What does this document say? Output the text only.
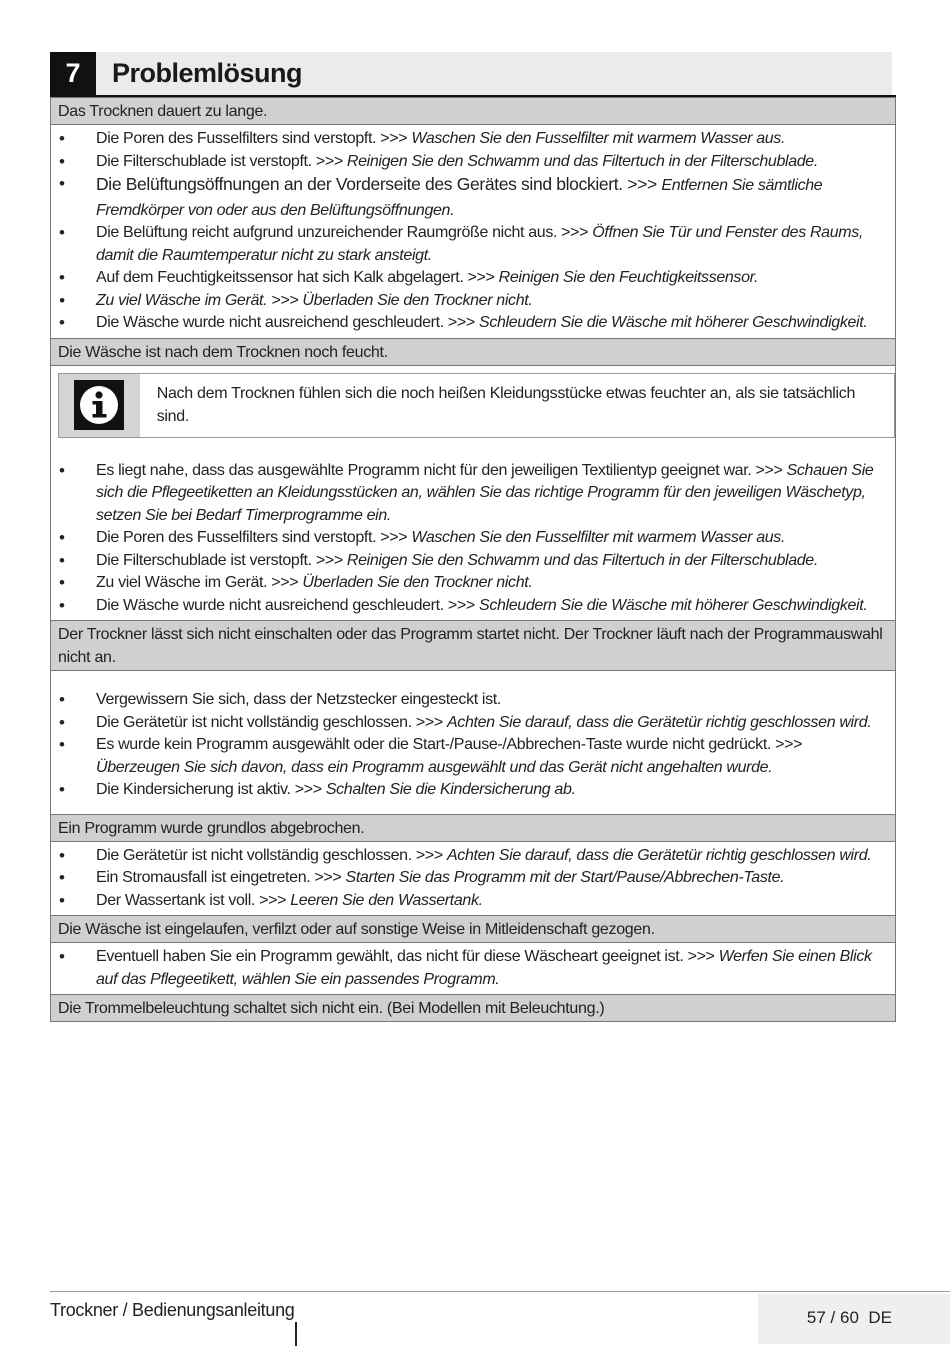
7	Problemlösung
Das Trocknen dauert zu lange.
• Die Poren des Fusselfilters sind verstopft. >>> Waschen Sie den Fusselfilter mit warmem Wasser aus.
• Die Filterschublade ist verstopft. >>> Reinigen Sie den Schwamm und das Filtertuch in der Filterschublade.
• Die Belüftungsöffnungen an der Vorderseite des Gerätes sind blockiert. >>> Entfernen Sie sämtliche Fremdkörper von oder aus den Belüftungsöffnungen.
• Die Belüftung reicht aufgrund unzureichender Raumgröße nicht aus. >>> Öffnen Sie Tür und Fenster des Raums, damit die Raumtemperatur nicht zu stark ansteigt.
• Auf dem Feuchtigkeitssensor hat sich Kalk abgelagert. >>> Reinigen Sie den Feuchtigkeitssensor.
• Zu viel Wäsche im Gerät. >>> Überladen Sie den Trockner nicht.
• Die Wäsche wurde nicht ausreichend geschleudert. >>> Schleudern Sie die Wäsche mit höherer Geschwindigkeit.
Die Wäsche ist nach dem Trocknen noch feucht.
Nach dem Trocknen fühlen sich die noch heißen Kleidungsstücke etwas feuchter an, als sie tatsächlich sind.
• Es liegt nahe, dass das ausgewählte Programm nicht für den jeweiligen Textilientyp geeignet war. >>> Schauen Sie sich die Pflegeetiketten an Kleidungsstücken an, wählen Sie das richtige Programm für den jeweiligen Wäschetyp, setzen Sie bei Bedarf Timerprogramme ein.
• Die Poren des Fusselfilters sind verstopft. >>> Waschen Sie den Fusselfilter mit warmem Wasser aus.
• Die Filterschublade ist verstopft. >>> Reinigen Sie den Schwamm und das Filtertuch in der Filterschublade.
• Zu viel Wäsche im Gerät. >>> Überladen Sie den Trockner nicht.
• Die Wäsche wurde nicht ausreichend geschleudert. >>> Schleudern Sie die Wäsche mit höherer Geschwindigkeit.
Der Trockner lässt sich nicht einschalten oder das Programm startet nicht. Der Trockner läuft nach der Programmauswahl nicht an.
• Vergewissern Sie sich, dass der Netzstecker eingesteckt ist.
• Die Gerätetür ist nicht vollständig geschlossen. >>> Achten Sie darauf, dass die Gerätetür richtig geschlossen wird.
• Es wurde kein Programm ausgewählt oder die Start-/Pause-/Abbrechen-Taste wurde nicht gedrückt. >>> Überzeugen Sie sich davon, dass ein Programm ausgewählt und das Gerät nicht angehalten wurde.
• Die Kindersicherung ist aktiv. >>> Schalten Sie die Kindersicherung ab.
Ein Programm wurde grundlos abgebrochen.
• Die Gerätetür ist nicht vollständig geschlossen. >>> Achten Sie darauf, dass die Gerätetür richtig geschlossen wird.
• Ein Stromausfall ist eingetreten. >>> Starten Sie das Programm mit der Start/Pause/Abbrechen-Taste.
• Der Wassertank ist voll. >>> Leeren Sie den Wassertank.
Die Wäsche ist eingelaufen, verfilzt oder auf sonstige Weise in Mitleidenschaft gezogen.
• Eventuell haben Sie ein Programm gewählt, das nicht für diese Wäscheart geeignet ist. >>> Werfen Sie einen Blick auf das Pflegeetikett, wählen Sie ein passendes Programm.
Die Trommelbeleuchtung schaltet sich nicht ein. (Bei Modellen mit Beleuchtung.)
Trockner / Bedienungsanleitung	57 / 60 DE
